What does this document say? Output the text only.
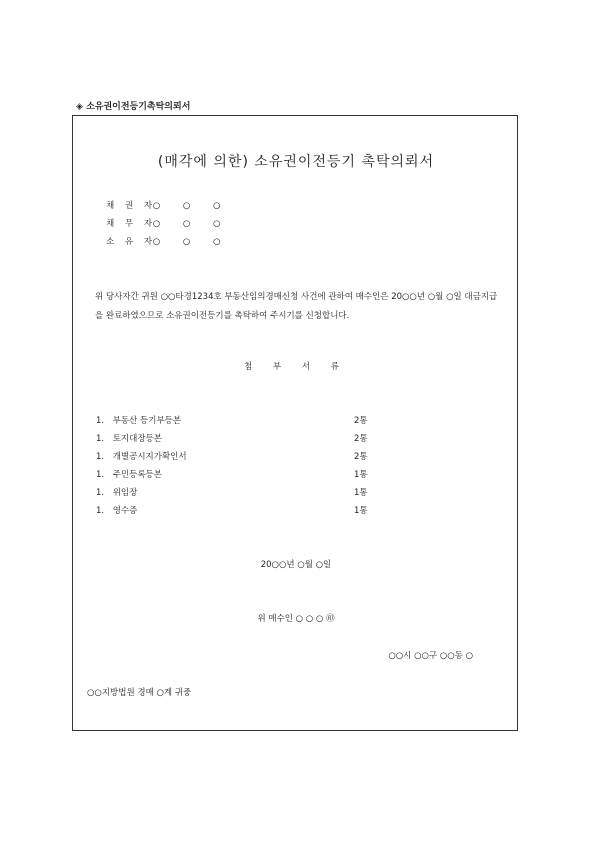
◈ 소유권이전등기촉탁의뢰서
(매각에 의한) 소유권이전등기 촉탁의뢰서
채 권 자 ○ ○ ○
채 무 자 ○ ○ ○
소 유 자 ○ ○ ○
위 당사자간 귀원 ○○타경1234호 부동산임의경매신청 사건에 관하여 매수인은 20○○년 ○월 ○일 대금지급을 완료하였으므로 소유권이전등기를 촉탁하여 주시기를 신청합니다.
첨 부 서 류
1. 부동산 등기부등본	2통
1. 토지대장등본	2통
1. 개별공시지가확인서	2통
1. 주민등록등본	1통
1. 위임장	1통
1. 영수증	1통
20○○년 ○월 ○일
위 매수인 ○ ○ ○ ㊞
○○시 ○○구 ○○동 ○
○○지방법원 경매 ○계 귀중
